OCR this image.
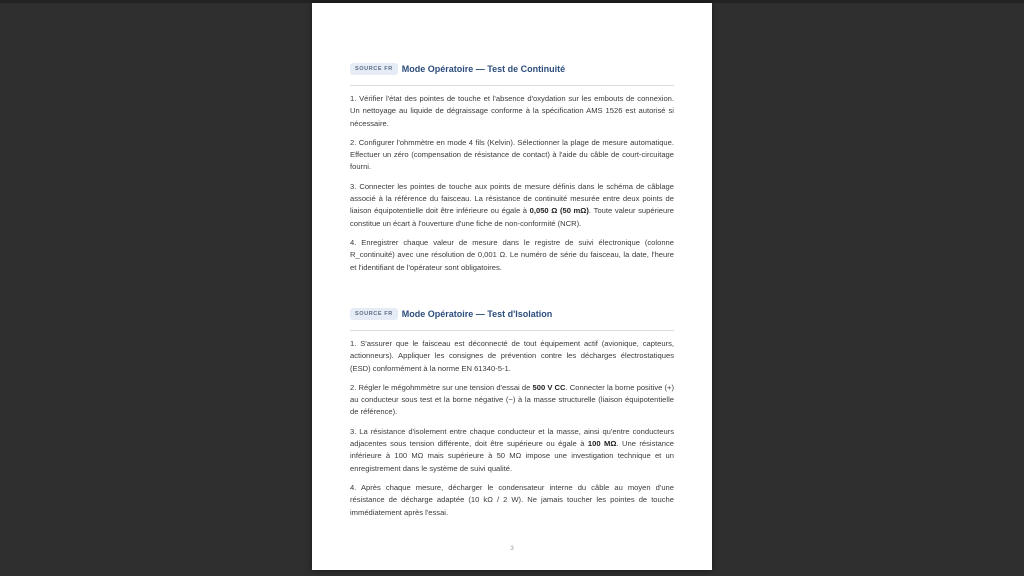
SOURCE FR	Mode Opératoire — Test de Continuité

1. Vérifier l'état des pointes de touche et l'absence d'oxydation sur les embouts de connexion. Un nettoyage au liquide de dégraissage conforme à la spécification AMS 1526 est autorisé si nécessaire.

2. Configurer l'ohmmètre en mode 4 fils (Kelvin). Sélectionner la plage de mesure automatique. Effectuer un zéro (compensation de résistance de contact) à l'aide du câble de court-circuitage fourni.

3. Connecter les pointes de touche aux points de mesure définis dans le schéma de câblage associé à la référence du faisceau. La résistance de continuité mesurée entre deux points de liaison équipotentielle doit être inférieure ou égale à 0,050 Ω (50 mΩ). Toute valeur supérieure constitue un écart à l'ouverture d'une fiche de non-conformité (NCR).

4. Enregistrer chaque valeur de mesure dans le registre de suivi électronique (colonne R_continuité) avec une résolution de 0,001 Ω. Le numéro de série du faisceau, la date, l'heure et l'identifiant de l'opérateur sont obligatoires.

SOURCE FR	Mode Opératoire — Test d'Isolation

1. S'assurer que le faisceau est déconnecté de tout équipement actif (avionique, capteurs, actionneurs). Appliquer les consignes de prévention contre les décharges électrostatiques (ESD) conformément à la norme EN 61340-5-1.

2. Régler le mégohmmètre sur une tension d'essai de 500 V CC. Connecter la borne positive (+) au conducteur sous test et la borne négative (−) à la masse structurelle (liaison équipotentielle de référence).

3. La résistance d'isolement entre chaque conducteur et la masse, ainsi qu'entre conducteurs adjacentes sous tension différente, doit être supérieure ou égale à 100 MΩ. Une résistance inférieure à 100 MΩ mais supérieure à 50 MΩ impose une investigation technique et un enregistrement dans le système de suivi qualité.

4. Après chaque mesure, décharger le condensateur interne du câble au moyen d'une résistance de décharge adaptée (10 kΩ / 2 W). Ne jamais toucher les pointes de touche immédiatement après l'essai.

3
